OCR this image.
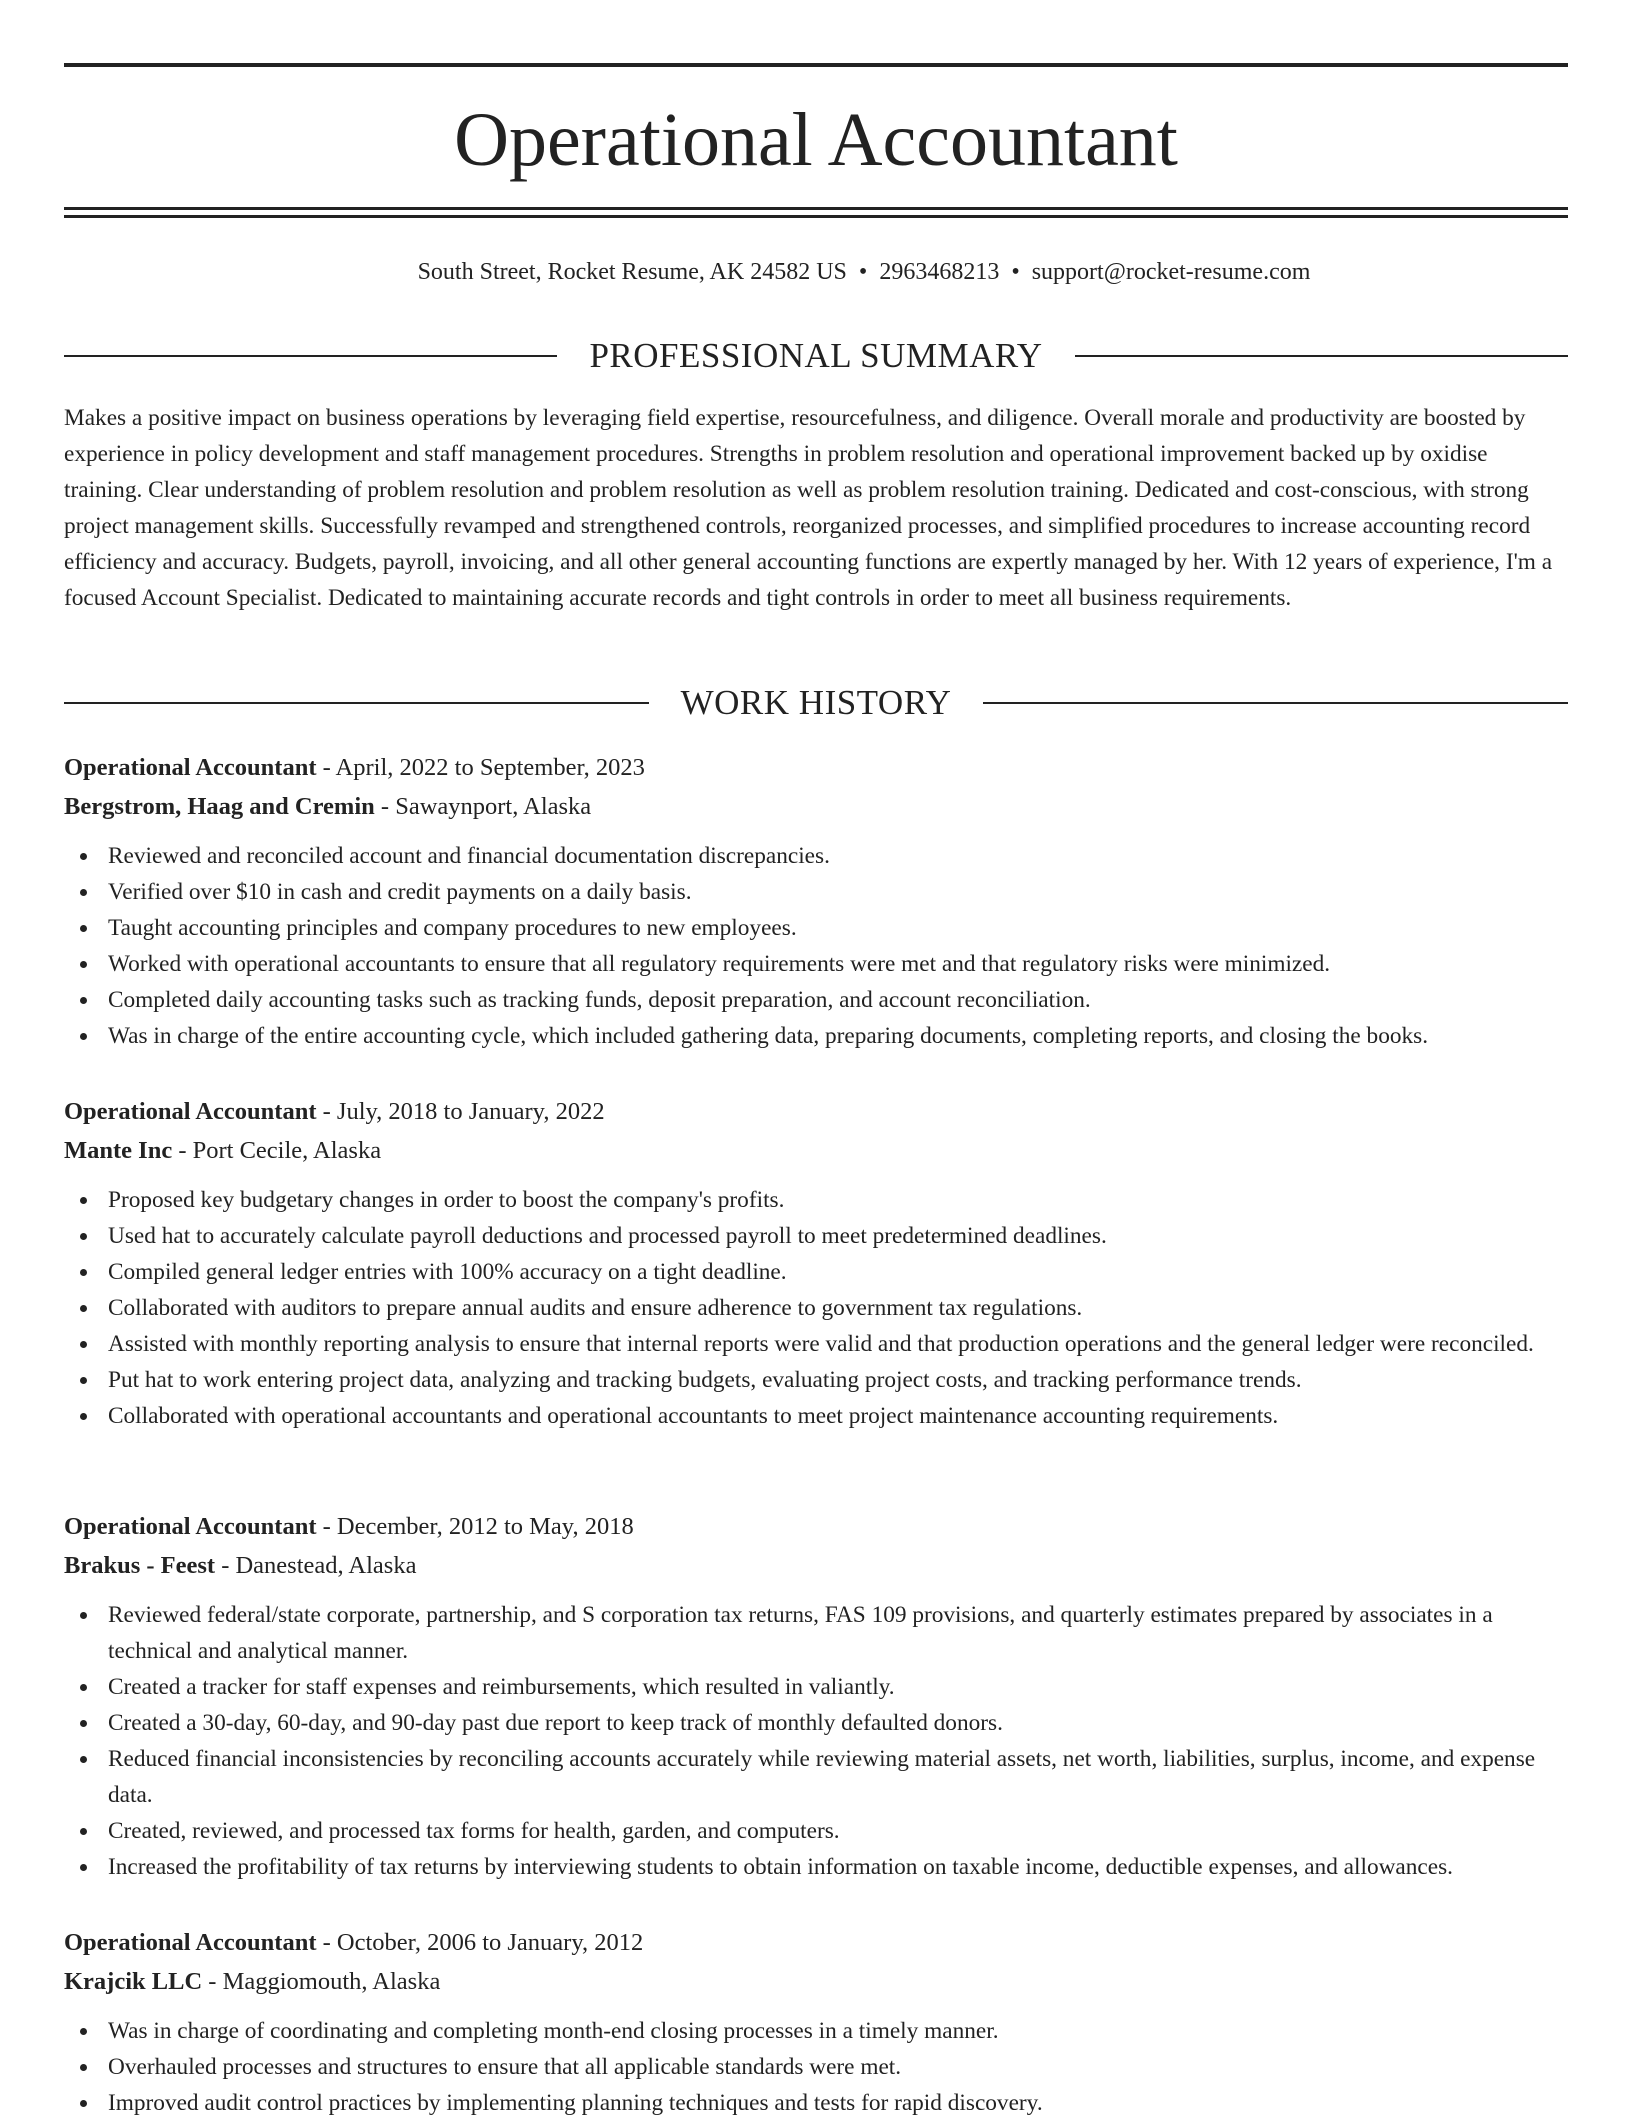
Operational Accountant
South Street, Rocket Resume, AK 24582 US • 2963468213 • support@rocket-resume.com
PROFESSIONAL SUMMARY

Makes a positive impact on business operations by leveraging field expertise, resourcefulness, and diligence. Overall morale and productivity are boosted by experience in policy development and staff management procedures. Strengths in problem resolution and operational improvement backed up by oxidise training. Clear understanding of problem resolution and problem resolution as well as problem resolution training. Dedicated and cost-conscious, with strong project management skills. Successfully revamped and strengthened controls, reorganized processes, and simplified procedures to increase accounting record efficiency and accuracy. Budgets, payroll, invoicing, and all other general accounting functions are expertly managed by her. With 12 years of experience, I'm a focused Account Specialist. Dedicated to maintaining accurate records and tight controls in order to meet all business requirements.

WORK HISTORY

Operational Accountant - April, 2022 to September, 2023

Bergstrom, Haag and Cremin - Sawaynport, Alaska

Reviewed and reconciled account and financial documentation discrepancies.
Verified over $10 in cash and credit payments on a daily basis.
Taught accounting principles and company procedures to new employees.
Worked with operational accountants to ensure that all regulatory requirements were met and that regulatory risks were minimized.
Completed daily accounting tasks such as tracking funds, deposit preparation, and account reconciliation.
Was in charge of the entire accounting cycle, which included gathering data, preparing documents, completing reports, and closing the books.

Operational Accountant - July, 2018 to January, 2022

Mante Inc - Port Cecile, Alaska

Proposed key budgetary changes in order to boost the company's profits.
Used hat to accurately calculate payroll deductions and processed payroll to meet predetermined deadlines.
Compiled general ledger entries with 100% accuracy on a tight deadline.
Collaborated with auditors to prepare annual audits and ensure adherence to government tax regulations.
Assisted with monthly reporting analysis to ensure that internal reports were valid and that production operations and the general ledger were reconciled.
Put hat to work entering project data, analyzing and tracking budgets, evaluating project costs, and tracking performance trends.
Collaborated with operational accountants and operational accountants to meet project maintenance accounting requirements.

Operational Accountant - December, 2012 to May, 2018

Brakus - Feest - Danestead, Alaska

Reviewed federal/state corporate, partnership, and S corporation tax returns, FAS 109 provisions, and quarterly estimates prepared by associates in a technical and analytical manner.
Created a tracker for staff expenses and reimbursements, which resulted in valiantly.
Created a 30-day, 60-day, and 90-day past due report to keep track of monthly defaulted donors.
Reduced financial inconsistencies by reconciling accounts accurately while reviewing material assets, net worth, liabilities, surplus, income, and expense data.
Created, reviewed, and processed tax forms for health, garden, and computers.
Increased the profitability of tax returns by interviewing students to obtain information on taxable income, deductible expenses, and allowances.

Operational Accountant - October, 2006 to January, 2012

Krajcik LLC - Maggiomouth, Alaska

Was in charge of coordinating and completing month-end closing processes in a timely manner.
Overhauled processes and structures to ensure that all applicable standards were met.
Improved audit control practices by implementing planning techniques and tests for rapid discovery.
